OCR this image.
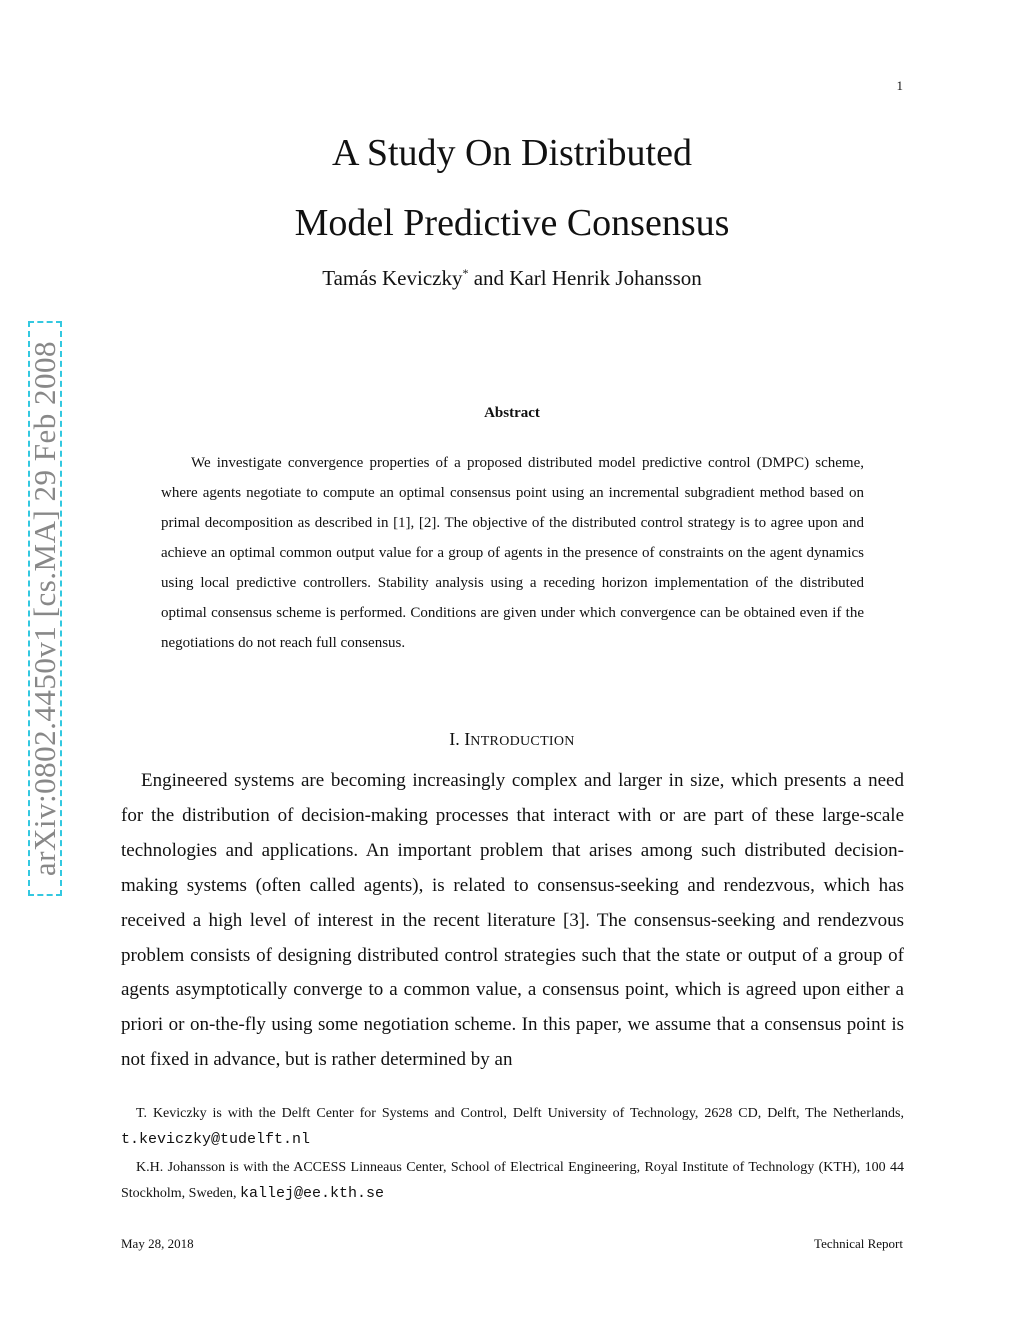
1
A Study On Distributed
Model Predictive Consensus
Tamás Keviczky* and Karl Henrik Johansson
arXiv:0802.4450v1 [cs.MA] 29 Feb 2008	Abstract

We investigate convergence properties of a proposed distributed model predictive control (DMPC) scheme, where agents negotiate to compute an optimal consensus point using an incremental subgradient method based on primal decomposition as described in [1], [2]. The objective of the distributed control strategy is to agree upon and achieve an optimal common output value for a group of agents in the presence of constraints on the agent dynamics using local predictive controllers. Stability analysis using a receding horizon implementation of the distributed optimal consensus scheme is performed. Conditions are given under which convergence can be obtained even if the negotiations do not reach full consensus.

I. INTRODUCTION

Engineered systems are becoming increasingly complex and larger in size, which presents a need for the distribution of decision-making processes that interact with or are part of these large-scale technologies and applications. An important problem that arises among such distributed decision-making systems (often called agents), is related to consensus-seeking and rendezvous, which has received a high level of interest in the recent literature [3]. The consensus-seeking and rendezvous problem consists of designing distributed control strategies such that the state or output of a group of agents asymptotically converge to a common value, a consensus point, which is agreed upon either a priori or on-the-fly using some negotiation scheme. In this paper, we assume that a consensus point is not fixed in advance, but is rather determined by an

T. Keviczky is with the Delft Center for Systems and Control, Delft University of Technology, 2628 CD, Delft, The Netherlands, t.keviczky@tudelft.nl

K.H. Johansson is with the ACCESS Linneaus Center, School of Electrical Engineering, Royal Institute of Technology (KTH), 100 44 Stockholm, Sweden, kallej@ee.kth.se

May 28, 2018	Technical Report
